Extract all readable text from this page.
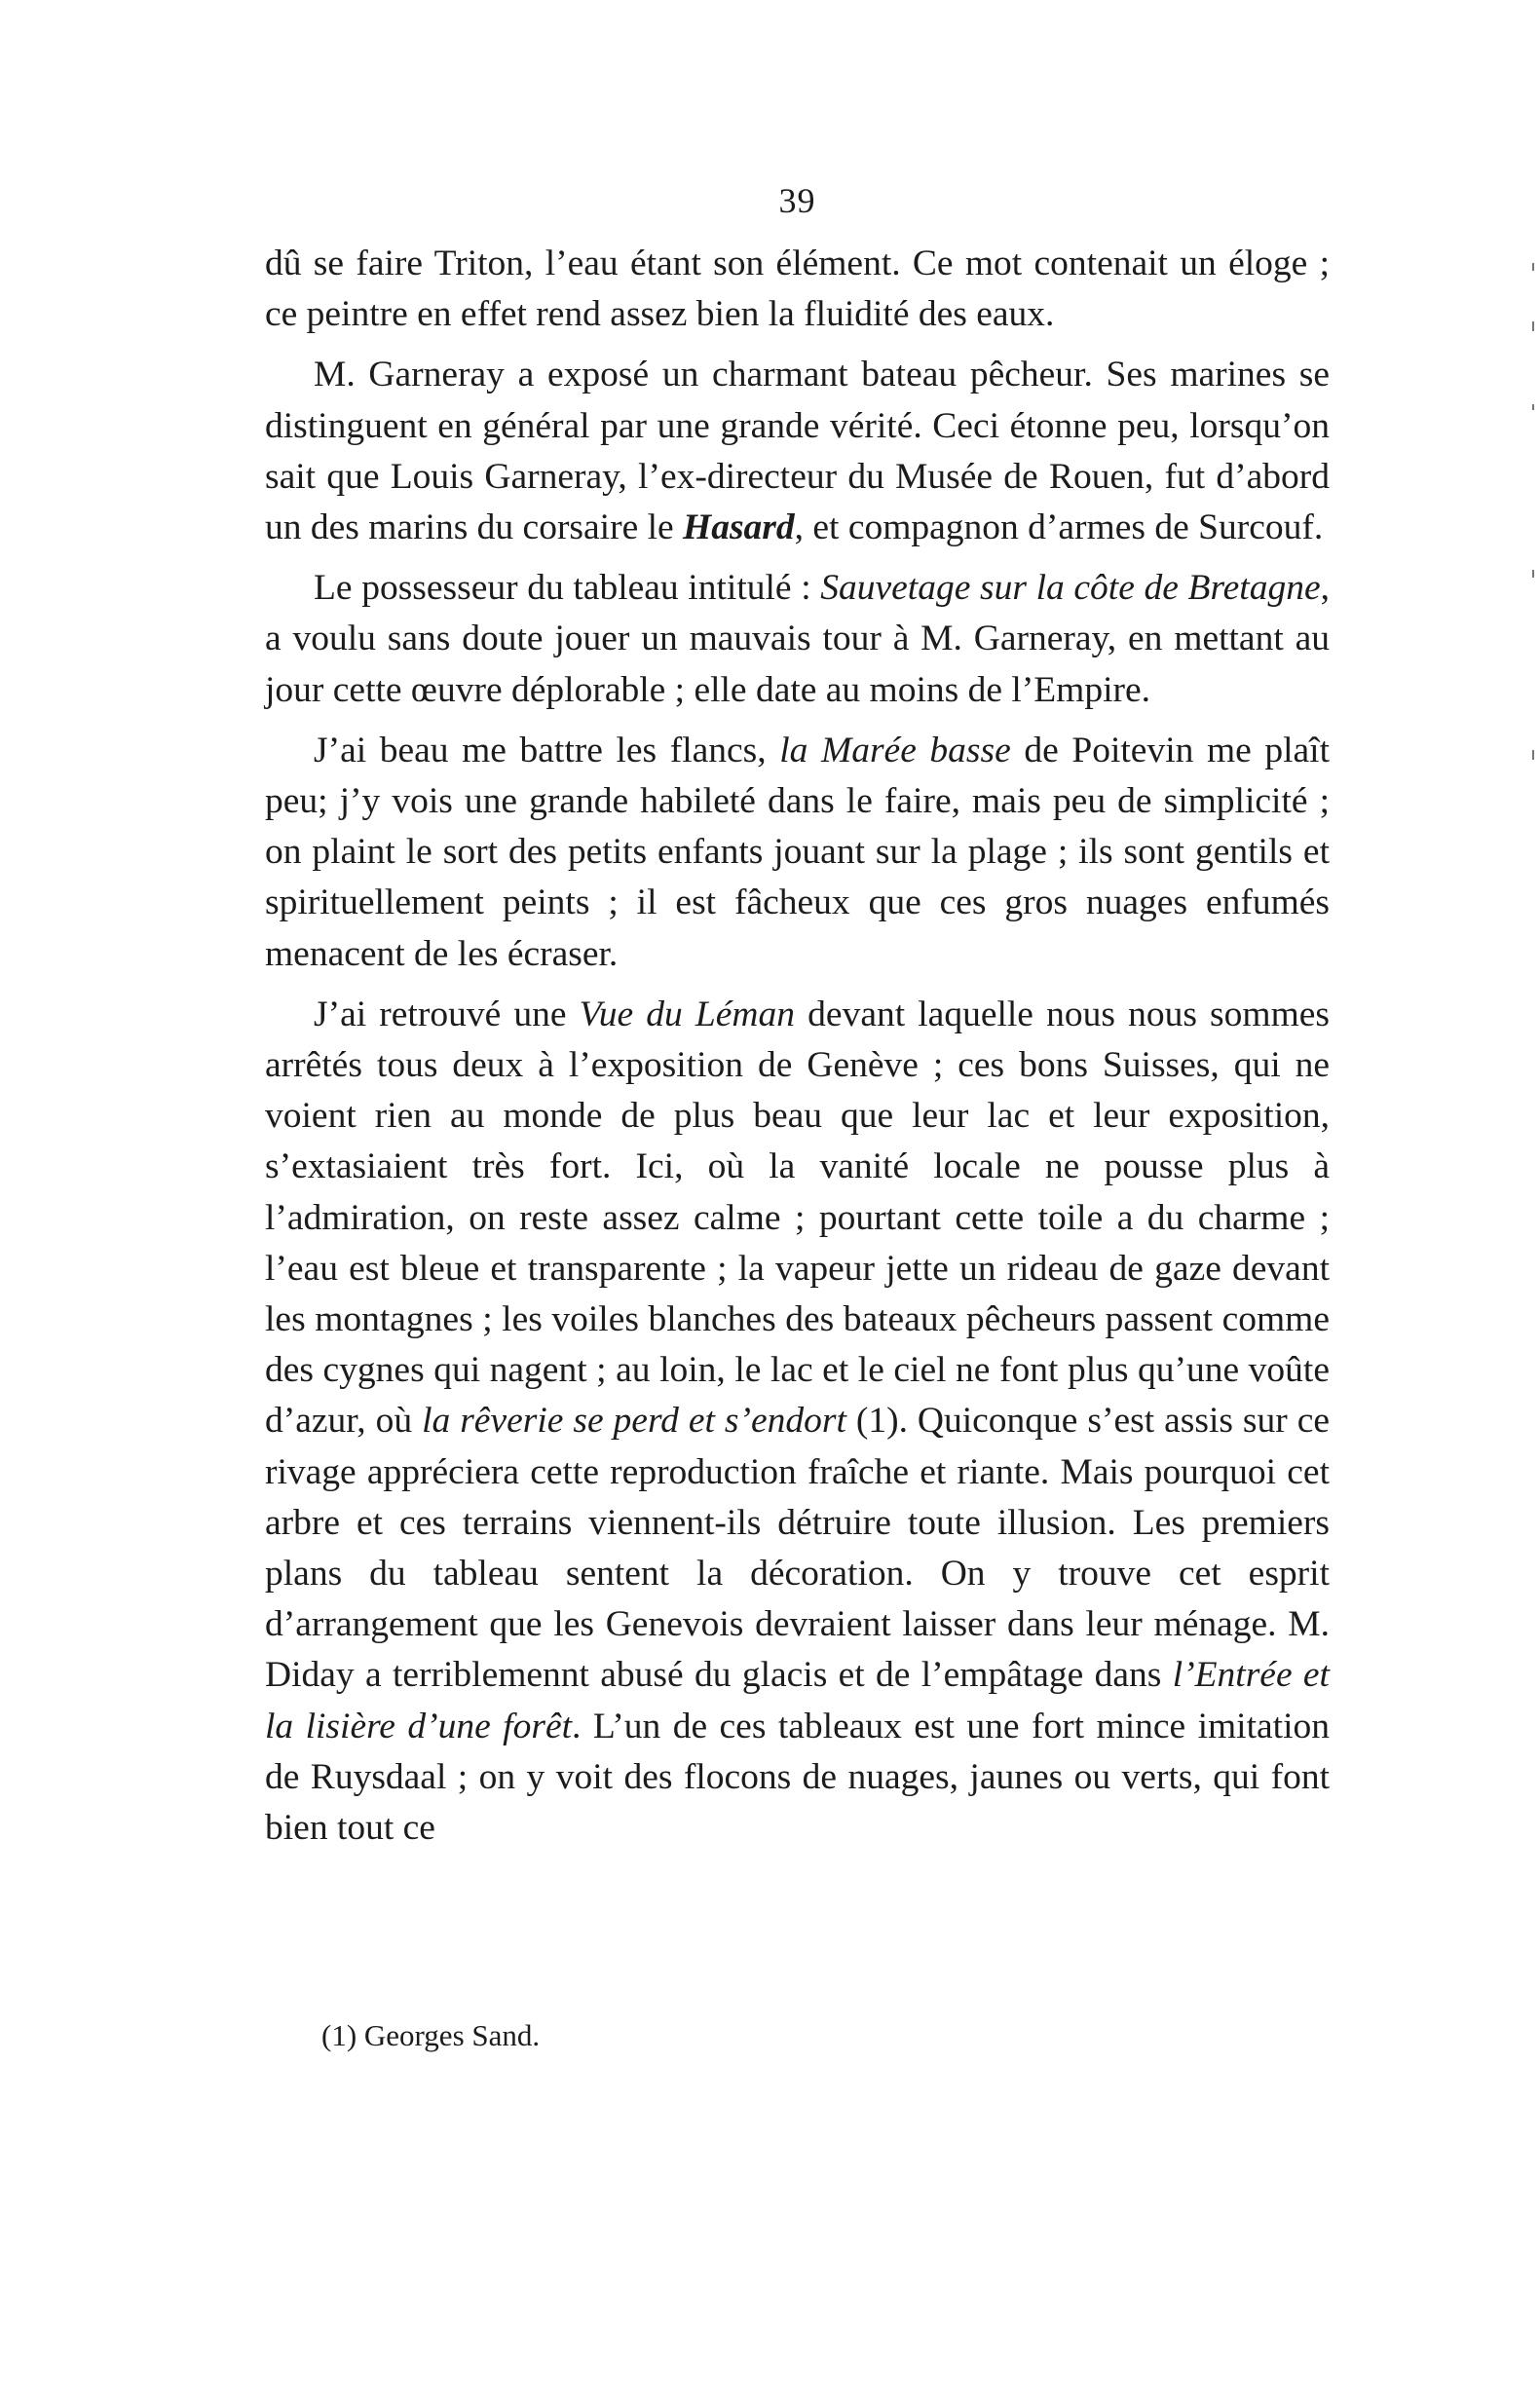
39

dû se faire Triton, l’eau étant son élément. Ce mot contenait un éloge ; ce peintre en effet rend assez bien la fluidité des eaux.

M. Garneray a exposé un charmant bateau pêcheur. Ses marines se distinguent en général par une grande vérité. Ceci étonne peu, lorsqu’on sait que Louis Garneray, l’ex-directeur du Musée de Rouen, fut d’abord un des marins du corsaire le Hasard, et compagnon d’armes de Surcouf.

Le possesseur du tableau intitulé : Sauvetage sur la côte de Bretagne, a voulu sans doute jouer un mauvais tour à M. Garneray, en mettant au jour cette œuvre déplorable ; elle date au moins de l’Empire.

J’ai beau me battre les flancs, la Marée basse de Poitevin me plaît peu; j’y vois une grande habileté dans le faire, mais peu de simplicité ; on plaint le sort des petits enfants jouant sur la plage ; ils sont gentils et spirituellement peints ; il est fâcheux que ces gros nuages enfumés menacent de les écraser.

J’ai retrouvé une Vue du Léman devant laquelle nous nous sommes arrêtés tous deux à l’exposition de Genève ; ces bons Suisses, qui ne voient rien au monde de plus beau que leur lac et leur exposition, s’extasiaient très fort. Ici, où la vanité locale ne pousse plus à l’admiration, on reste assez calme ; pourtant cette toile a du charme ; l’eau est bleue et transparente ; la vapeur jette un rideau de gaze devant les montagnes ; les voiles blanches des bateaux pêcheurs passent comme des cygnes qui nagent ; au loin, le lac et le ciel ne font plus qu’une voûte d’azur, où la rêverie se perd et s’endort (1). Quiconque s’est assis sur ce rivage appréciera cette reproduction fraîche et riante. Mais pourquoi cet arbre et ces terrains viennent-ils détruire toute illusion. Les premiers plans du tableau sentent la décoration. On y trouve cet esprit d’arrangement que les Genevois devraient laisser dans leur ménage. M. Diday a terriblemennt abusé du glacis et de l’empâtage dans l’Entrée et la lisière d’une forêt. L’un de ces tableaux est une fort mince imitation de Ruysdaal ; on y voit des flocons de nuages, jaunes ou verts, qui font bien tout ce

(1) Georges Sand.
